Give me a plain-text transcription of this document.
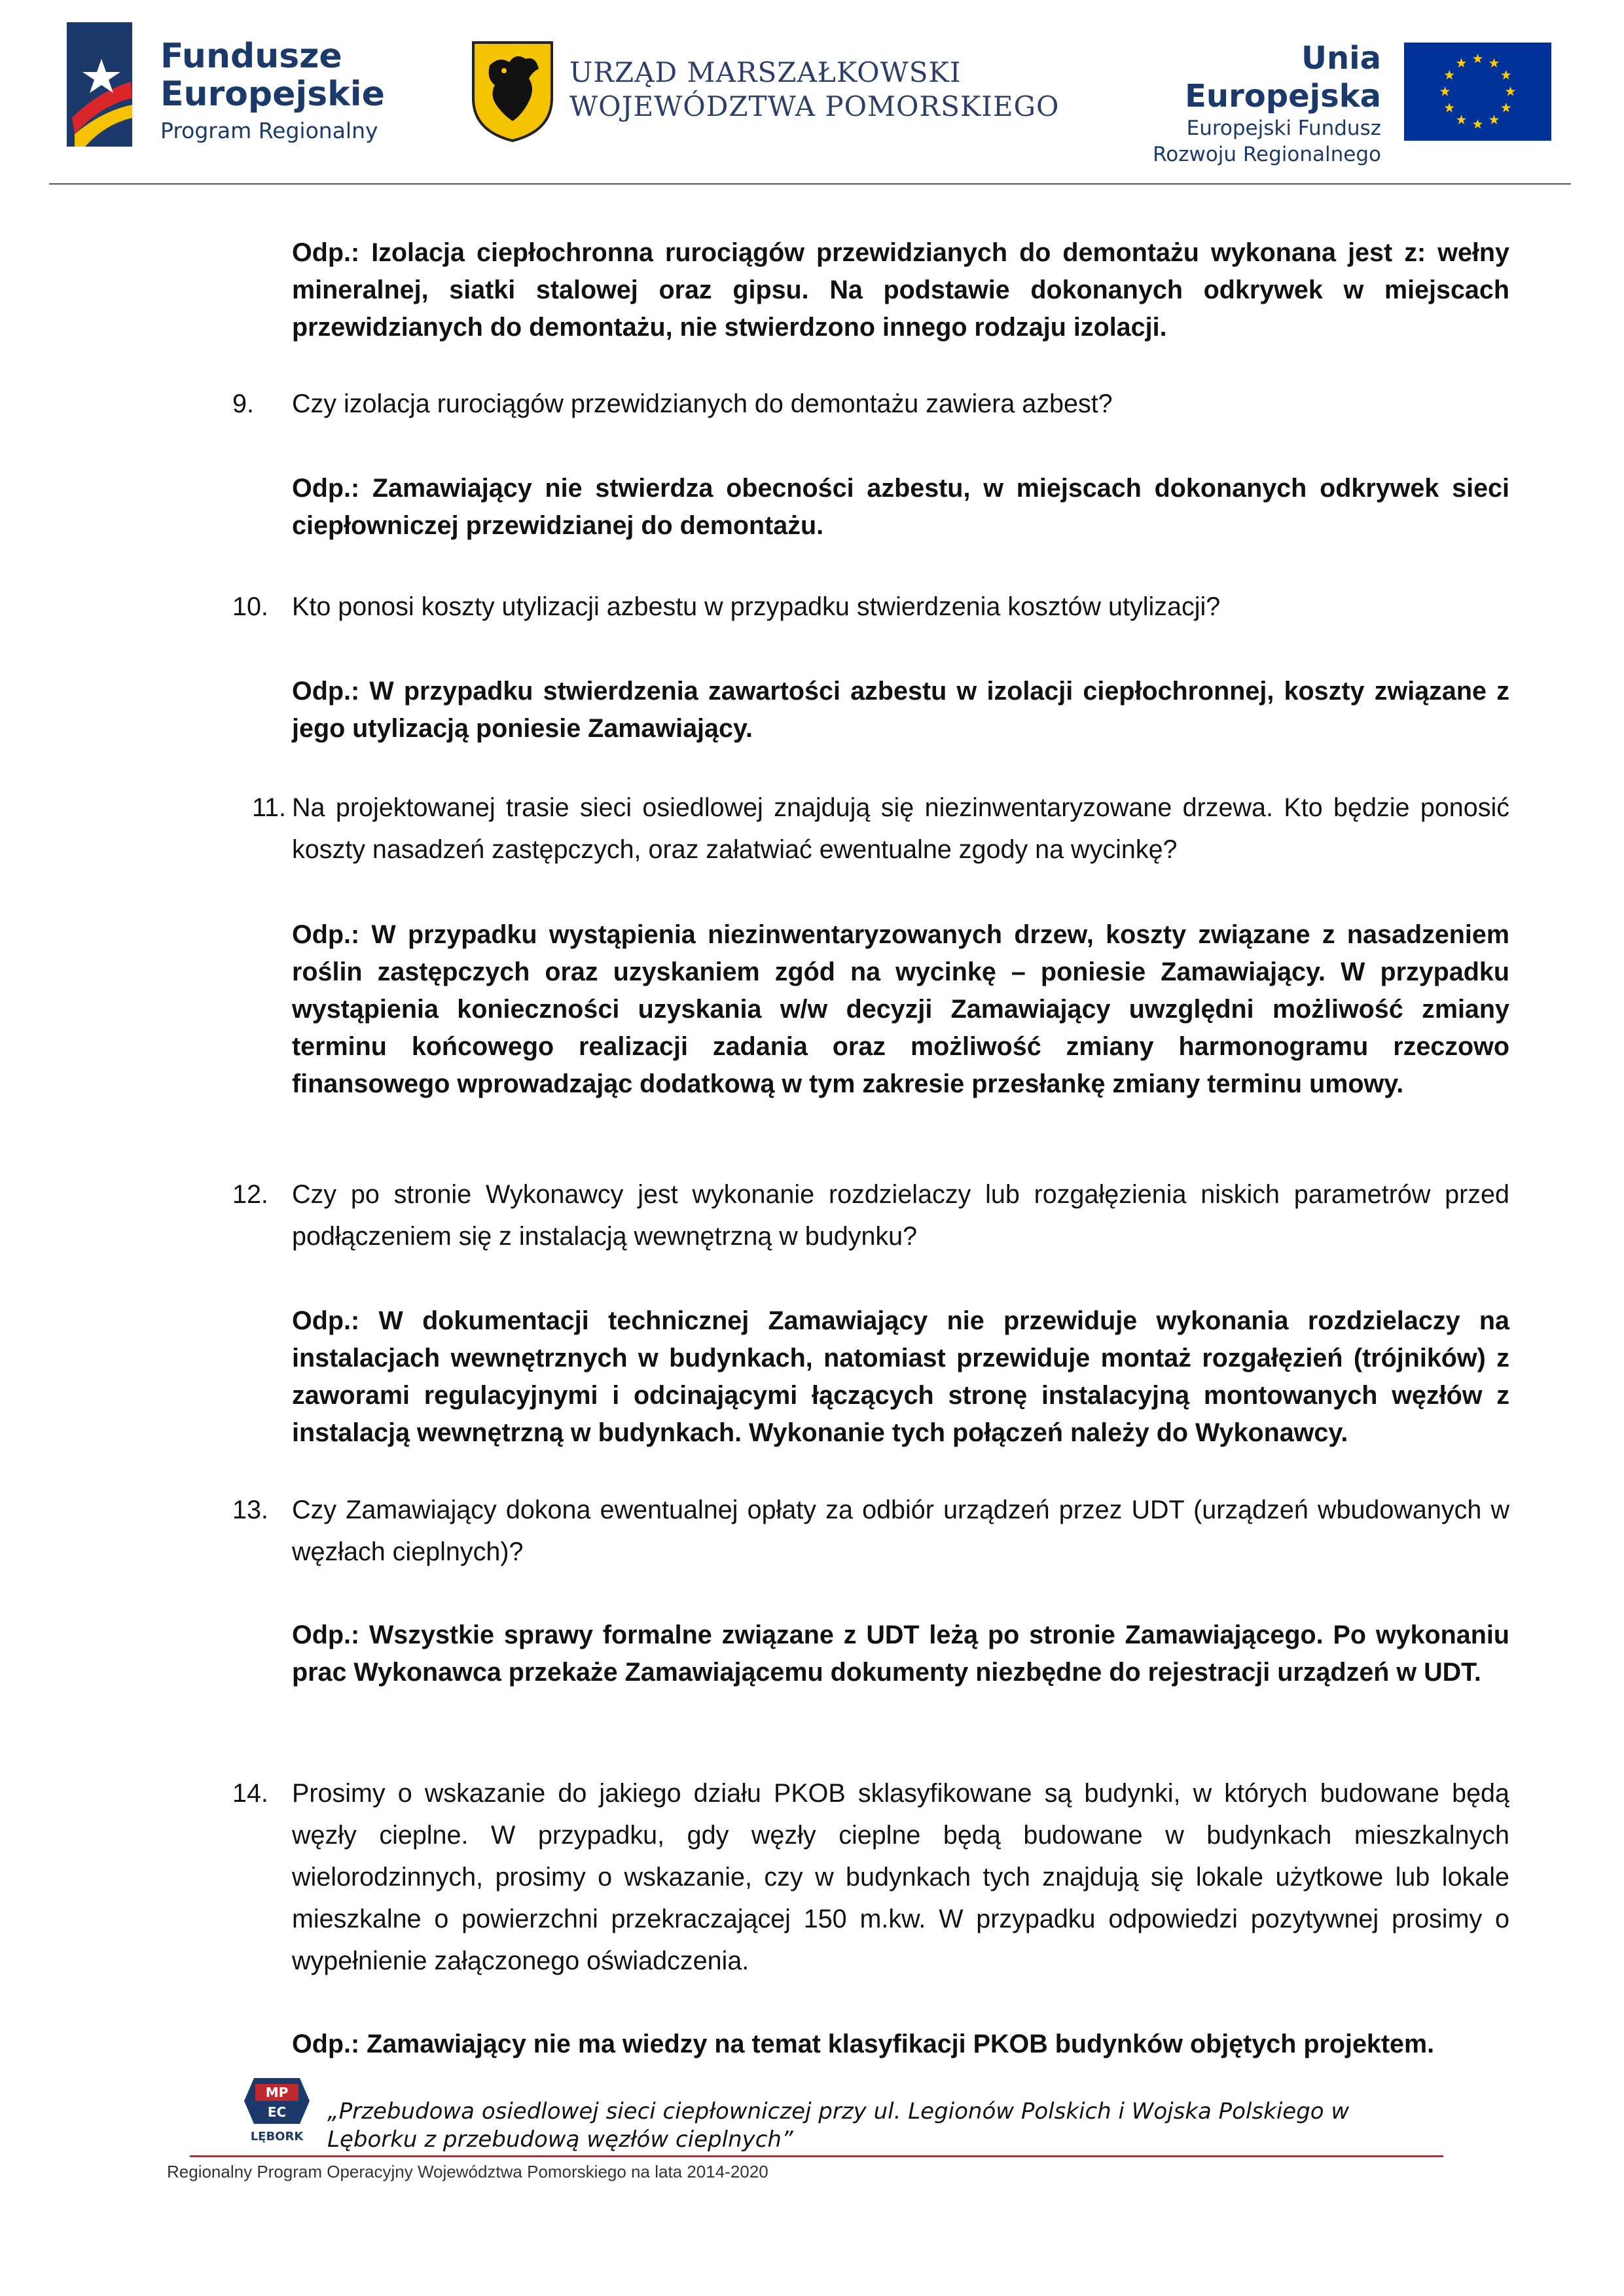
Fundusze
Europejskie
Program Regionalny
URZĄD MARSZAŁKOWSKI
WOJEWÓDZTWA POMORSKIEGO
Unia Europejska
Europejski Fundusz
Rozwoju Regionalnego
Odp.: Izolacja ciepłochronna rurociągów przewidzianych do demontażu wykonana jest z: wełny mineralnej, siatki stalowej oraz gipsu. Na podstawie dokonanych odkrywek w miejscach przewidzianych do demontażu, nie stwierdzono innego rodzaju izolacji.
9.	Czy izolacja rurociągów przewidzianych do demontażu zawiera azbest?
Odp.: Zamawiający nie stwierdza obecności azbestu, w miejscach dokonanych odkrywek sieci ciepłowniczej przewidzianej do demontażu.
10. Kto ponosi koszty utylizacji azbestu w przypadku stwierdzenia kosztów utylizacji?
Odp.: W przypadku stwierdzenia zawartości azbestu w izolacji ciepłochronnej, koszty związane z jego utylizacją poniesie Zamawiający.
11. Na projektowanej trasie sieci osiedlowej znajdują się niezinwentaryzowane drzewa. Kto będzie ponosić koszty nasadzeń zastępczych, oraz załatwiać ewentualne zgody na wycinkę?
Odp.: W przypadku wystąpienia niezinwentaryzowanych drzew, koszty związane z nasadzeniem roślin zastępczych oraz uzyskaniem zgód na wycinkę – poniesie Zamawiający. W przypadku wystąpienia konieczności uzyskania w/w decyzji Zamawiający uwzględni możliwość zmiany terminu końcowego realizacji zadania oraz możliwość zmiany harmonogramu rzeczowo finansowego wprowadzając dodatkową w tym zakresie przesłankę zmiany terminu umowy.
12. Czy po stronie Wykonawcy jest wykonanie rozdzielaczy lub rozgałęzienia niskich parametrów przed podłączeniem się z instalacją wewnętrzną w budynku?
Odp.: W dokumentacji technicznej Zamawiający nie przewiduje wykonania rozdzielaczy na instalacjach wewnętrznych w budynkach, natomiast przewiduje montaż rozgałęzień (trójników) z zaworami regulacyjnymi i odcinającymi łączących stronę instalacyjną montowanych węzłów z instalacją wewnętrzną w budynkach. Wykonanie tych połączeń należy do Wykonawcy.
13. Czy Zamawiający dokona ewentualnej opłaty za odbiór urządzeń przez UDT (urządzeń wbudowanych w węzłach cieplnych)?
Odp.: Wszystkie sprawy formalne związane z UDT leżą po stronie Zamawiającego. Po wykonaniu prac Wykonawca przekaże Zamawiającemu dokumenty niezbędne do rejestracji urządzeń w UDT.
14. Prosimy o wskazanie do jakiego działu PKOB sklasyfikowane są budynki, w których budowane będą węzły cieplne. W przypadku, gdy węzły cieplne będą budowane w budynkach mieszkalnych wielorodzinnych, prosimy o wskazanie, czy w budynkach tych znajdują się lokale użytkowe lub lokale mieszkalne o powierzchni przekraczającej 150 m.kw. W przypadku odpowiedzi pozytywnej prosimy o wypełnienie załączonego oświadczenia.
Odp.: Zamawiający nie ma wiedzy na temat klasyfikacji PKOB budynków objętych projektem.
MP
EC
LĘBORK
„Przebudowa osiedlowej sieci ciepłowniczej przy ul. Legionów Polskich i Wojska Polskiego w
Lęborku z przebudową węzłów cieplnych”
Regionalny Program Operacyjny Województwa Pomorskiego na lata 2014-2020
